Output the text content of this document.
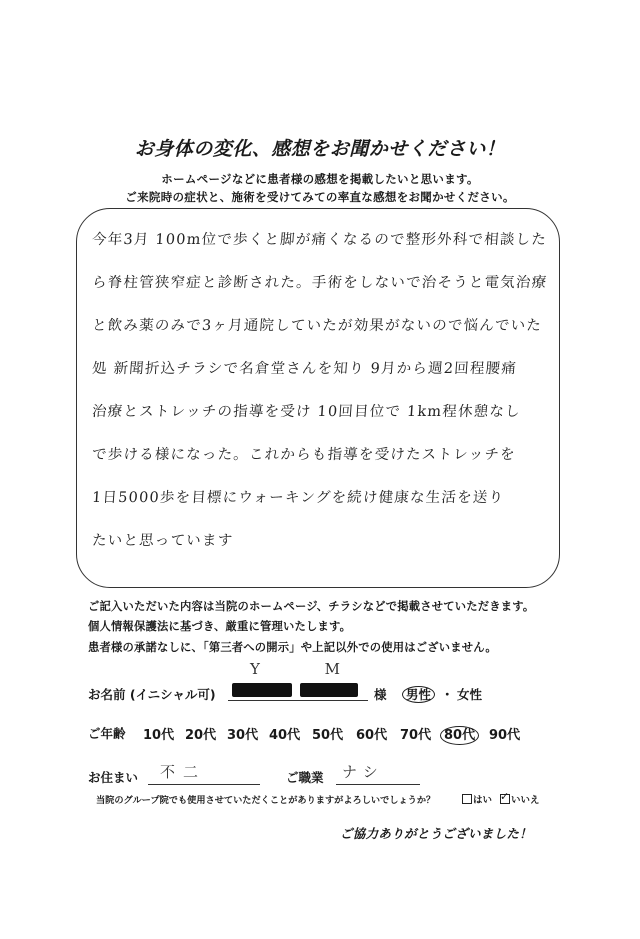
お身体の変化、感想をお聞かせください！
ホームページなどに患者様の感想を掲載したいと思います。
ご来院時の症状と、施術を受けてみての率直な感想をお聞かせください。
今年3月 100m位で歩くと脚が痛くなるので整形外科で相談した
ら脊柱管狭窄症と診断された。手術をしないで治そうと電気治療
と飲み薬のみで3ヶ月通院していたが効果がないので悩んでいた
処 新聞折込チラシで名倉堂さんを知り 9月から週2回程腰痛
治療とストレッチの指導を受け 10回目位で 1km程休憩なし
で歩ける様になった。これからも指導を受けたストレッチを
1日5000歩を目標にウォーキングを続け健康な生活を送り
たいと思っています
ご記入いただいた内容は当院のホームページ、チラシなどで掲載させていただきます。
個人情報保護法に基づき、厳重に管理いたします。
患者様の承諾なしに、「第三者への開示」や上記以外での使用はございません。
お名前 (イニシャル可)
Y M
様 男性 ・ 女性
ご年齢 10代 20代 30代 40代 50代 60代 70代 80代 90代
お住まい 不二	ご職業 ナシ
当院のグループ院でも使用させていただくことがありますがよろしいでしょうか？	はい ✓ いいえ
ご協力ありがとうございました！
